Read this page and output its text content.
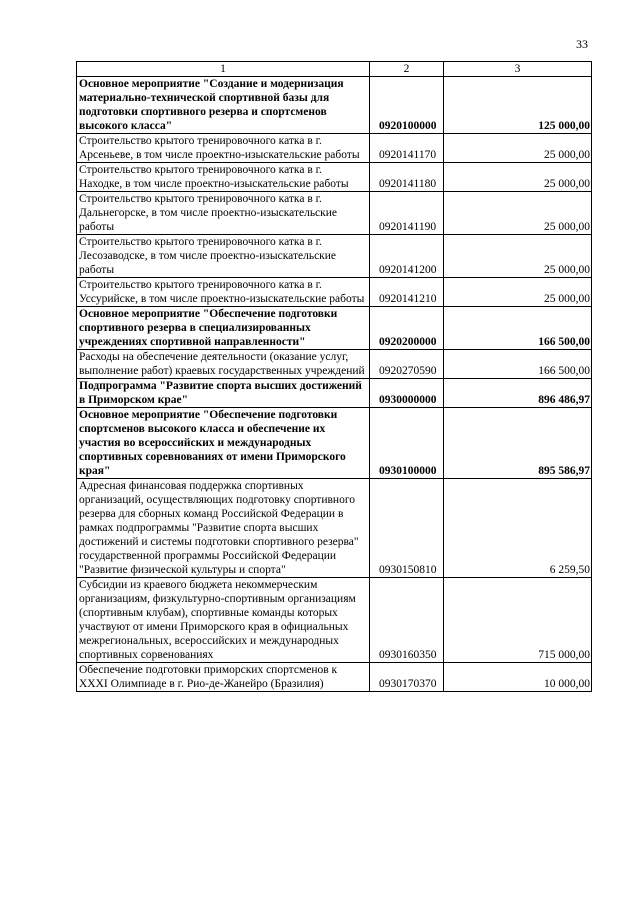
33
1	2	3
Основное мероприятие "Создание и модернизация материально-технической спортивной базы для подготовки спортивного резерва и спортсменов высокого класса"	0920100000	125 000,00
Строительство крытого тренировочного катка в г. Арсеньеве, в том числе проектно-изыскательские работы	0920141170	25 000,00
Строительство крытого тренировочного катка в г. Находке, в том числе проектно-изыскательские работы	0920141180	25 000,00
Строительство крытого тренировочного катка в г. Дальнегорске, в том числе проектно-изыскательские работы	0920141190	25 000,00
Строительство крытого тренировочного катка в г. Лесозаводске, в том числе проектно-изыскательские работы	0920141200	25 000,00
Строительство крытого тренировочного катка в г. Уссурийске, в том числе проектно-изыскательские работы	0920141210	25 000,00
Основное мероприятие "Обеспечение подготовки спортивного резерва в специализированных учреждениях спортивной направленности"	0920200000	166 500,00
Расходы на обеспечение деятельности (оказание услуг, выполнение работ) краевых государственных учреждений	0920270590	166 500,00
Подпрограмма "Развитие спорта высших достижений в Приморском крае"	0930000000	896 486,97
Основное мероприятие "Обеспечение подготовки спортсменов высокого класса и обеспечение их участия во всероссийских и международных спортивных соревнованиях от имени Приморского края"	0930100000	895 586,97
Адресная финансовая поддержка спортивных организаций, осуществляющих подготовку спортивного резерва для сборных команд Российской Федерации в рамках подпрограммы "Развитие спорта высших достижений и системы подготовки спортивного резерва" государственной программы Российской Федерации "Развитие физической культуры и спорта"	0930150810	6 259,50
Субсидии из краевого бюджета некоммерческим организациям, физкультурно-спортивным организациям (спортивным клубам), спортивные команды которых участвуют от имени Приморского края в официальных межрегиональных, всероссийских и международных спортивных сорвенованиях	0930160350	715 000,00
Обеспечение подготовки приморских спортсменов к XXXI Олимпиаде в г. Рио-де-Жанейро (Бразилия)	0930170370	10 000,00
